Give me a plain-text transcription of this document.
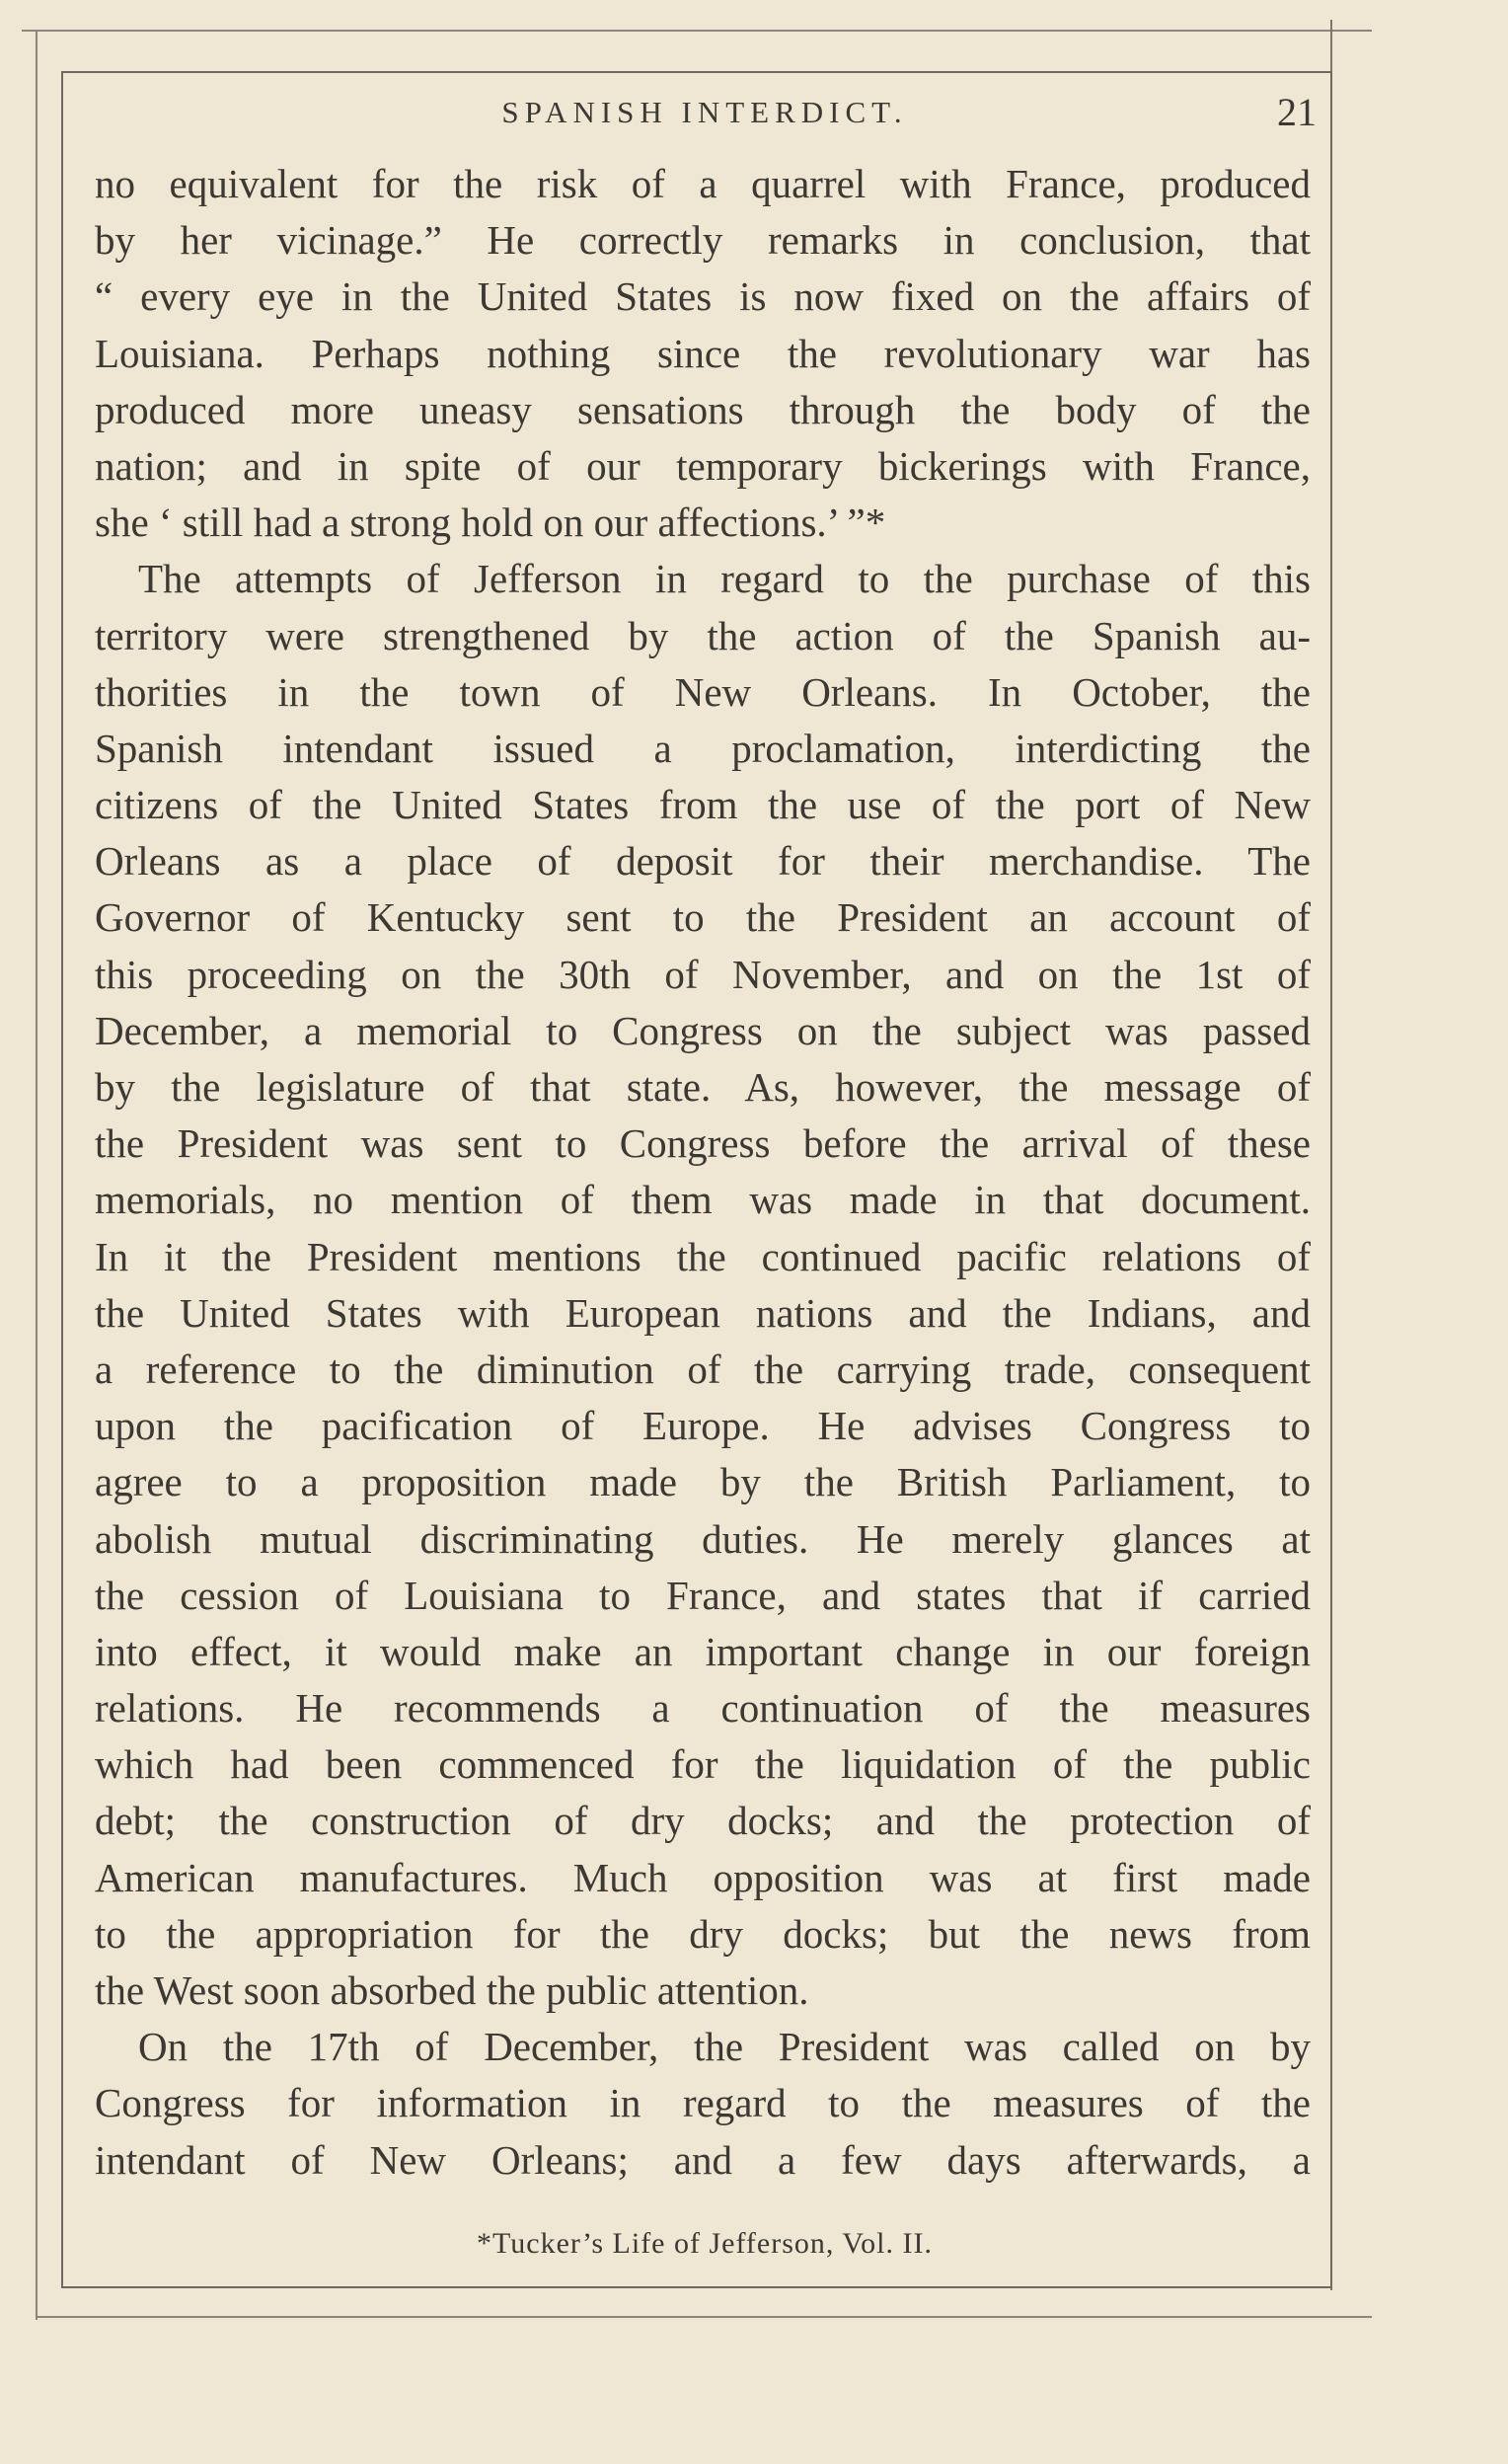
SPANISH INTERDICT.	21
no equivalent for the risk of a quarrel with France, produced
by her vicinage.” He correctly remarks in conclusion, that
“ every eye in the United States is now fixed on the affairs of
Louisiana. Perhaps nothing since the revolutionary war has
produced more uneasy sensations through the body of the
nation; and in spite of our temporary bickerings with France,
she ‘ still had a strong hold on our affections.’ ”*
The attempts of Jefferson in regard to the purchase of this
territory were strengthened by the action of the Spanish au-
thorities in the town of New Orleans. In October, the
Spanish intendant issued a proclamation, interdicting the
citizens of the United States from the use of the port of New
Orleans as a place of deposit for their merchandise. The
Governor of Kentucky sent to the President an account of
this proceeding on the 30th of November, and on the 1st of
December, a memorial to Congress on the subject was passed
by the legislature of that state. As, however, the message of
the President was sent to Congress before the arrival of these
memorials, no mention of them was made in that document.
In it the President mentions the continued pacific relations of
the United States with European nations and the Indians, and
a reference to the diminution of the carrying trade, consequent
upon the pacification of Europe. He advises Congress to
agree to a proposition made by the British Parliament, to
abolish mutual discriminating duties. He merely glances at
the cession of Louisiana to France, and states that if carried
into effect, it would make an important change in our foreign
relations. He recommends a continuation of the measures
which had been commenced for the liquidation of the public
debt; the construction of dry docks; and the protection of
American manufactures. Much opposition was at first made
to the appropriation for the dry docks; but the news from
the West soon absorbed the public attention.
On the 17th of December, the President was called on by
Congress for information in regard to the measures of the
intendant of New Orleans; and a few days afterwards, a
*Tucker’s Life of Jefferson, Vol. II.
